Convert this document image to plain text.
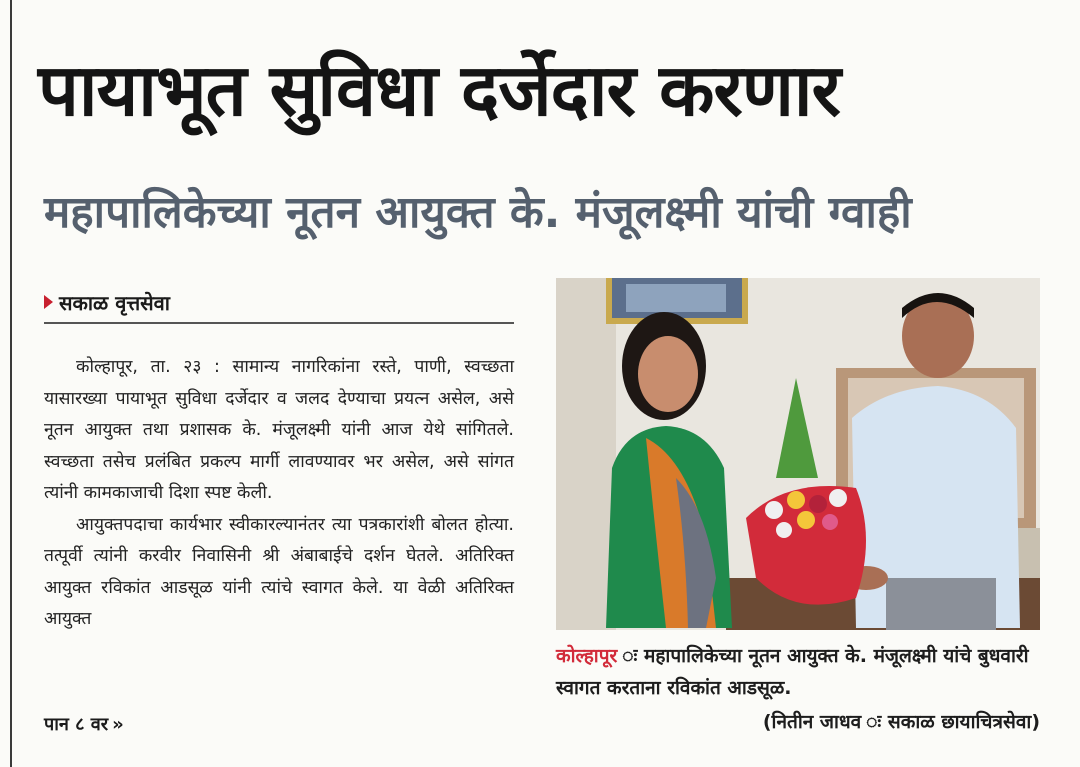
पायाभूत सुविधा दर्जेदार करणार
महापालिकेच्या नूतन आयुक्त के. मंजूलक्ष्मी यांची ग्वाही
सकाळ वृत्तसेवा

कोल्हापूर, ता. २३ : सामान्य नागरिकांना रस्ते, पाणी, स्वच्छता यासारख्या पायाभूत सुविधा दर्जेदार व जलद देण्याचा प्रयत्न असेल, असे नूतन आयुक्त तथा प्रशासक के. मंजूलक्ष्मी यांनी आज येथे सांगितले. स्वच्छता तसेच प्रलंबित प्रकल्प मार्गी लावण्यावर भर असेल, असे सांगत त्यांनी कामकाजाची दिशा स्पष्ट केली.

आयुक्तपदाचा कार्यभार स्वीकारल्यानंतर त्या पत्रकारांशी बोलत होत्या. तत्पूर्वी त्यांनी करवीर निवासिनी श्री अंबाबाईचे दर्शन घेतले. अतिरिक्त आयुक्त रविकांत आडसूळ यांनी त्यांचे स्वागत केले. या वेळी अतिरिक्त आयुक्त

पान ८ वर »
कोल्हापूर महापालिकेच्या नूतन आयुक्त के. मंजूलक्ष्मी यांचे बुधवारी स्वागत करताना रविकांत आडसूळ.
(नितीन जाधव सकाळ छायाचित्रसेवा)
